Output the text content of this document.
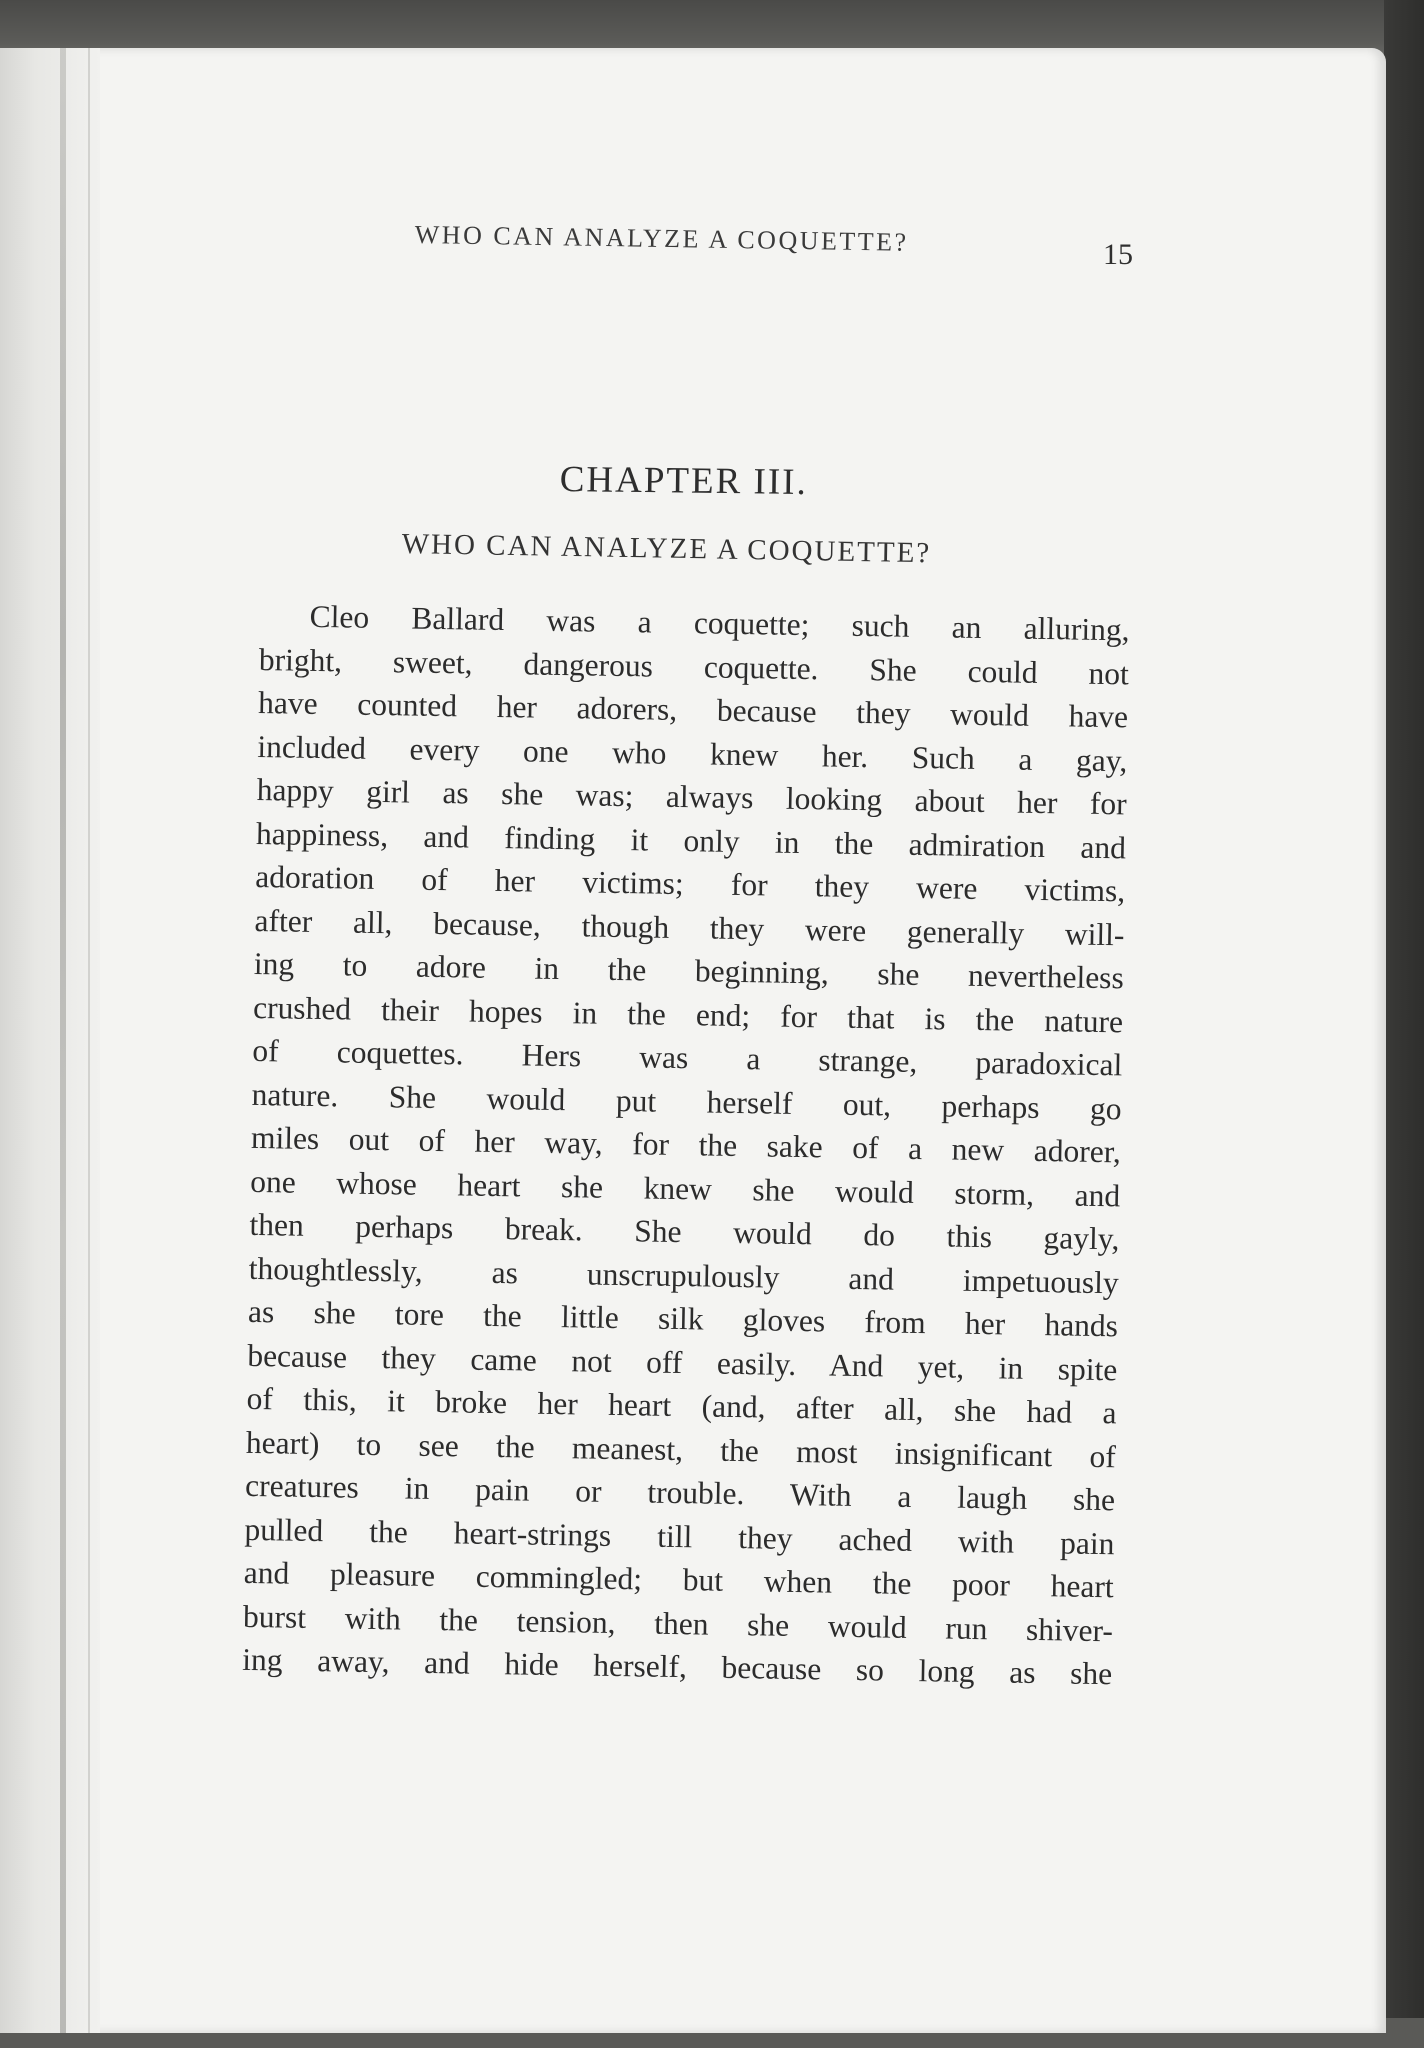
WHO CAN ANALYZE A COQUETTE?	15
CHAPTER III.
WHO CAN ANALYZE A COQUETTE?
Cleo Ballard was a coquette; such an alluring,
bright, sweet, dangerous coquette. She could not
have counted her adorers, because they would have
included every one who knew her. Such a gay,
happy girl as she was; always looking about her for
happiness, and finding it only in the admiration and
adoration of her victims; for they were victims,
after all, because, though they were generally will-
ing to adore in the beginning, she nevertheless
crushed their hopes in the end; for that is the nature
of coquettes. Hers was a strange, paradoxical
nature. She would put herself out, perhaps go
miles out of her way, for the sake of a new adorer,
one whose heart she knew she would storm, and
then perhaps break. She would do this gayly,
thoughtlessly, as unscrupulously and impetuously
as she tore the little silk gloves from her hands
because they came not off easily. And yet, in spite
of this, it broke her heart (and, after all, she had a
heart) to see the meanest, the most insignificant of
creatures in pain or trouble. With a laugh she
pulled the heart-strings till they ached with pain
and pleasure commingled; but when the poor heart
burst with the tension, then she would run shiver-
ing away, and hide herself, because so long as she
